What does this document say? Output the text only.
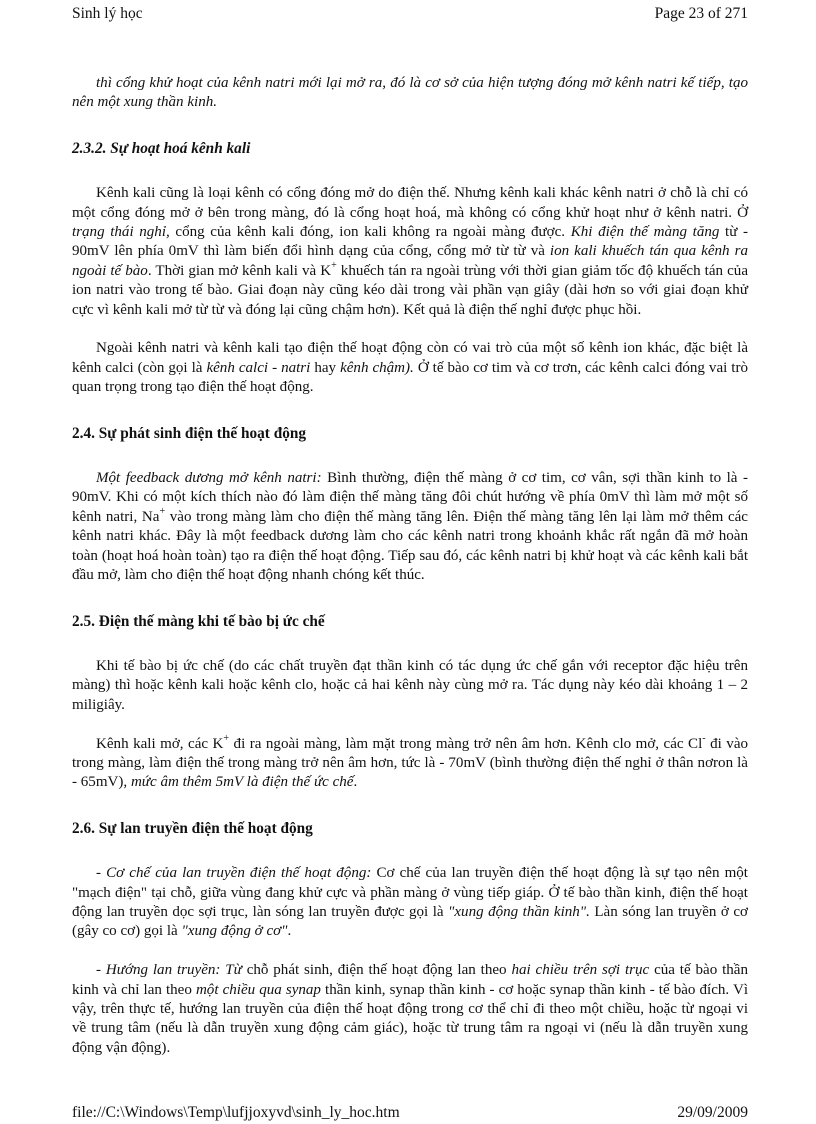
Sinh lý học	Page 23 of 271

thì cổng khử hoạt của kênh natri mới lại mở ra, đó là cơ sở của hiện tượng đóng mở kênh natri kế tiếp, tạo nên một xung thần kinh.

2.3.2. Sự hoạt hoá kênh kali

Kênh kali cũng là loại kênh có cổng đóng mở do điện thế. Nhưng kênh kali khác kênh natri ở chỗ là chỉ có một cổng đóng mở ở bên trong màng, đó là cổng hoạt hoá, mà không có cổng khử hoạt như ở kênh natri. Ở trạng thái nghỉ, cổng của kênh kali đóng, ion kali không ra ngoài màng được. Khi điện thế màng tăng từ - 90mV lên phía 0mV thì làm biến đổi hình dạng của cổng, cổng mở từ từ và ion kali khuếch tán qua kênh ra ngoài tế bào. Thời gian mở kênh kali và K+ khuếch tán ra ngoài trùng với thời gian giảm tốc độ khuếch tán của ion natri vào trong tế bào. Giai đoạn này cũng kéo dài trong vài phần vạn giây (dài hơn so với giai đoạn khử cực vì kênh kali mở từ từ và đóng lại cũng chậm hơn). Kết quả là điện thế nghỉ được phục hồi.

Ngoài kênh natri và kênh kali tạo điện thế hoạt động còn có vai trò của một số kênh ion khác, đặc biệt là kênh calci (còn gọi là kênh calci - natri hay kênh chậm). Ở tế bào cơ tim và cơ trơn, các kênh calci đóng vai trò quan trọng trong tạo điện thế hoạt động.

2.4. Sự phát sinh điện thế hoạt động

Một feedback dương mở kênh natri: Bình thường, điện thế màng ở cơ tim, cơ vân, sợi thần kinh to là - 90mV. Khi có một kích thích nào đó làm điện thế màng tăng đôi chút hướng về phía 0mV thì làm mở một số kênh natri, Na+ vào trong màng làm cho điện thế màng tăng lên. Điện thế màng tăng lên lại làm mở thêm các kênh natri khác. Đây là một feedback dương làm cho các kênh natri trong khoảnh khắc rất ngắn đã mở hoàn toàn (hoạt hoá hoàn toàn) tạo ra điện thế hoạt động. Tiếp sau đó, các kênh natri bị khử hoạt và các kênh kali bắt đầu mở, làm cho điện thế hoạt động nhanh chóng kết thúc.

2.5. Điện thế màng khi tế bào bị ức chế

Khi tế bào bị ức chế (do các chất truyền đạt thần kinh có tác dụng ức chế gắn với receptor đặc hiệu trên màng) thì hoặc kênh kali hoặc kênh clo, hoặc cả hai kênh này cùng mở ra. Tác dụng này kéo dài khoảng 1 – 2 miligiây.

Kênh kali mở, các K+ đi ra ngoài màng, làm mặt trong màng trở nên âm hơn. Kênh clo mở, các Cl- đi vào trong màng, làm điện thế trong màng trở nên âm hơn, tức là - 70mV (bình thường điện thế nghỉ ở thân nơron là - 65mV), mức âm thêm 5mV là điện thế ức chế.

2.6. Sự lan truyền điện thế hoạt động

- Cơ chế của lan truyền điện thế hoạt động: Cơ chế của lan truyền điện thế hoạt động là sự tạo nên một "mạch điện" tại chỗ, giữa vùng đang khử cực và phần màng ở vùng tiếp giáp. Ở tế bào thần kinh, điện thế hoạt động lan truyền dọc sợi trục, làn sóng lan truyền được gọi là "xung động thần kinh". Làn sóng lan truyền ở cơ (gây co cơ) gọi là "xung động ở cơ".

- Hướng lan truyền: Từ chỗ phát sinh, điện thế hoạt động lan theo hai chiều trên sợi trục của tế bào thần kinh và chỉ lan theo một chiều qua synap thần kinh, synap thần kinh - cơ hoặc synap thần kinh - tế bào đích. Vì vậy, trên thực tế, hướng lan truyền của điện thế hoạt động trong cơ thể chỉ đi theo một chiều, hoặc từ ngoại vi về trung tâm (nếu là dẫn truyền xung động cảm giác), hoặc từ trung tâm ra ngoại vi (nếu là dẫn truyền xung động vận động).

file://C:\Windows\Temp\lufjjoxyvd\sinh_ly_hoc.htm	29/09/2009
